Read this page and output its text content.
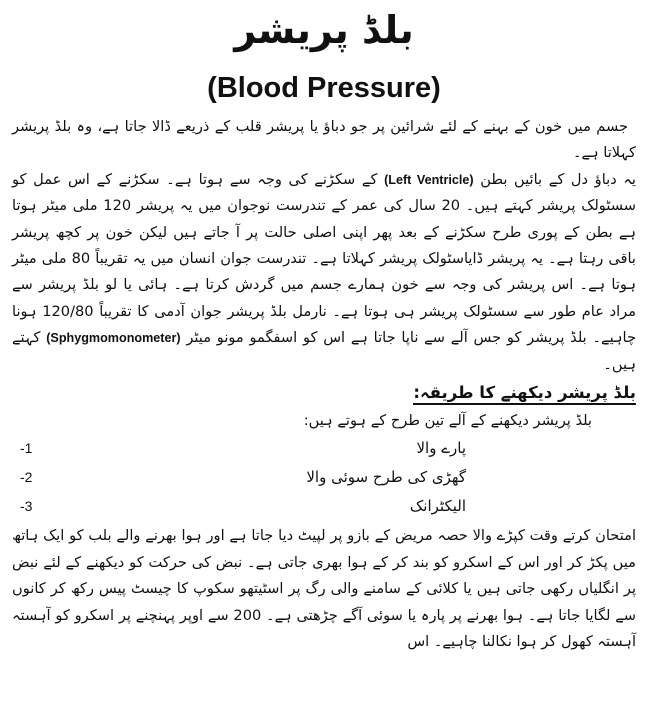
بلڈ پریشر
(Blood Pressure)

جسم میں خون کے بہنے کے لئے شرائین پر جو دباؤ یا پریشر قلب کے ذریعے ڈالا جاتا ہے، وہ بلڈ پریشر کہلاتا ہے۔

یہ دباؤ دل کے بائیں بطن (Left Ventricle) کے سکڑنے کی وجہ سے ہوتا ہے۔ سکڑنے کے اس عمل کو سسٹولک پریشر کہتے ہیں۔ 20 سال کی عمر کے تندرست نوجوان میں یہ پریشر 120 ملی میٹر ہوتا ہے بطن کے پوری طرح سکڑنے کے بعد پھر اپنی اصلی حالت پر آ جاتے ہیں لیکن خون پر کچھ پریشر باقی رہتا ہے۔ یہ پریشر ڈایاسٹولک پریشر کہلاتا ہے۔ تندرست جوان انسان میں یہ تقریباً 80 ملی میٹر ہوتا ہے۔ اس پریشر کی وجہ سے خون ہمارے جسم میں گردش کرتا ہے۔ ہائی یا لو بلڈ پریشر سے مراد عام طور سے سسٹولک پریشر ہی ہوتا ہے۔ نارمل بلڈ پریشر جوان آدمی کا تقریباً 120/80 ہونا چاہیے۔ بلڈ پریشر کو جس آلے سے ناپا جاتا ہے اس کو اسفگمو مونو میٹر (Sphygmomonometer) کہتے ہیں۔

بلڈ پریشر دیکھنے کا طریقہ:
بلڈ پریشر دیکھنے کے آلے تین طرح کے ہوتے ہیں:
پارے والا
-1
گھڑی کی طرح سوئی والا
-2
الیکٹرانک
-3

امتحان کرتے وقت کپڑے والا حصہ مریض کے بازو پر لپیٹ دیا جاتا ہے اور ہوا بھرنے والے بلب کو ایک ہاتھ میں پکڑ کر اور اس کے اسکرو کو بند کر کے ہوا بھری جاتی ہے۔ نبض کی حرکت کو دیکھنے کے لئے نبض پر انگلیاں رکھی جاتی ہیں یا کلائی کے سامنے والی رگ پر اسٹیتھو سکوپ کا چیسٹ پیس رکھ کر کانوں سے لگایا جاتا ہے۔ ہوا بھرنے پر پارہ یا سوئی آگے چڑھتی ہے۔ 200 سے اوپر پہنچنے پر اسکرو کو آہستہ آہستہ کھول کر ہوا نکالنا چاہیے۔ اس
